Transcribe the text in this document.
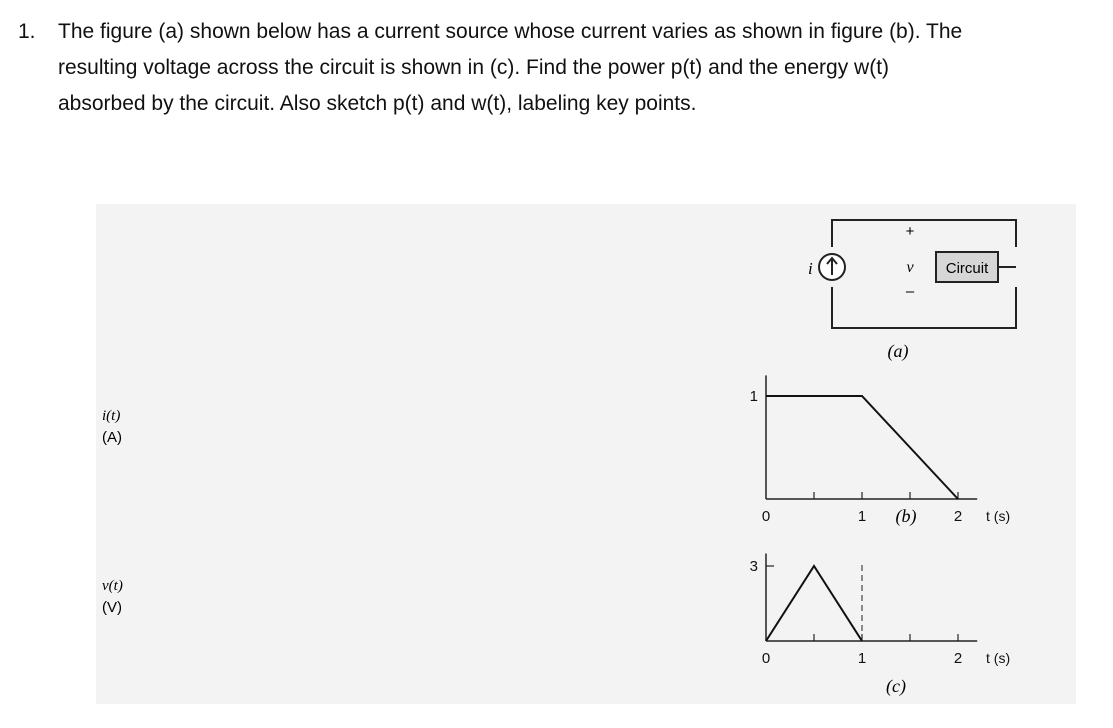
1. The figure (a) shown below has a current source whose current varies as shown in figure (b). The
resulting voltage across the circuit is shown in (c). Find the power p(t) and the energy w(t)
absorbed by the circuit. Also sketch p(t) and w(t), labeling key points.
i
+
v
–
Circuit
(a)
i(t)
(A)
0	1	2
1
t (s)
(b)
v(t)
(V)
0	1	2
3
t (s)
(c)
